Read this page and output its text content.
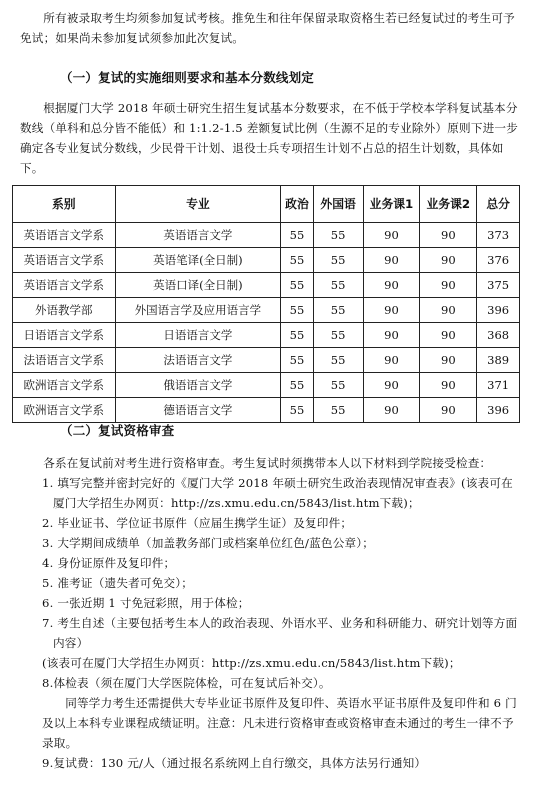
所有被录取考生均须参加复试考核。推免生和往年保留录取资格生若已经复试过的考生可予免试；如果尚未参加复试须参加此次复试。

（一）复试的实施细则要求和基本分数线划定

根据厦门大学 2018 年硕士研究生招生复试基本分数要求，在不低于学校本学科复试基本分数线（单科和总分皆不能低）和 1:1.2-1.5 差额复试比例（生源不足的专业除外）原则下进一步确定各专业复试分数线，少民骨干计划、退役士兵专项招生计划不占总的招生计划数，具体如下。

系别	专业	政治	外国语	业务课1	业务课2	总分
英语语言文学系	英语语言文学	55	55	90	90	373
英语语言文学系	英语笔译(全日制)	55	55	90	90	376
英语语言文学系	英语口译(全日制)	55	55	90	90	375
外语教学部	外国语言学及应用语言学	55	55	90	90	396
日语语言文学系	日语语言文学	55	55	90	90	368
法语语言文学系	法语语言文学	55	55	90	90	389
欧洲语言文学系	俄语语言文学	55	55	90	90	371
欧洲语言文学系	德语语言文学	55	55	90	90	396

（二）复试资格审查

各系在复试前对考生进行资格审查。考生复试时须携带本人以下材料到学院接受检查：

1. 填写完整并密封完好的《厦门大学 2018 年硕士研究生政治表现情况审查表》(该表可在厦门大学招生办网页：http://zs.xmu.edu.cn/5843/list.htm下载)；

2. 毕业证书、学位证书原件（应届生携学生证）及复印件；

3. 大学期间成绩单（加盖教务部门或档案单位红色/蓝色公章）；

4. 身份证原件及复印件；

5. 准考证（遗失者可免交）；

6. 一张近期 1 寸免冠彩照，用于体检；

7. 考生自述（主要包括考生本人的政治表现、外语水平、业务和科研能力、研究计划等方面内容）

(该表可在厦门大学招生办网页：http://zs.xmu.edu.cn/5843/list.htm下载)；

8.体检表（须在厦门大学医院体检，可在复试后补交）。

同等学力考生还需提供大专毕业证书原件及复印件、英语水平证书原件及复印件和 6 门及以上本科专业课程成绩证明。注意：凡未进行资格审查或资格审查未通过的考生一律不予录取。

9.复试费：130 元/人（通过报名系统网上自行缴交，具体方法另行通知）
